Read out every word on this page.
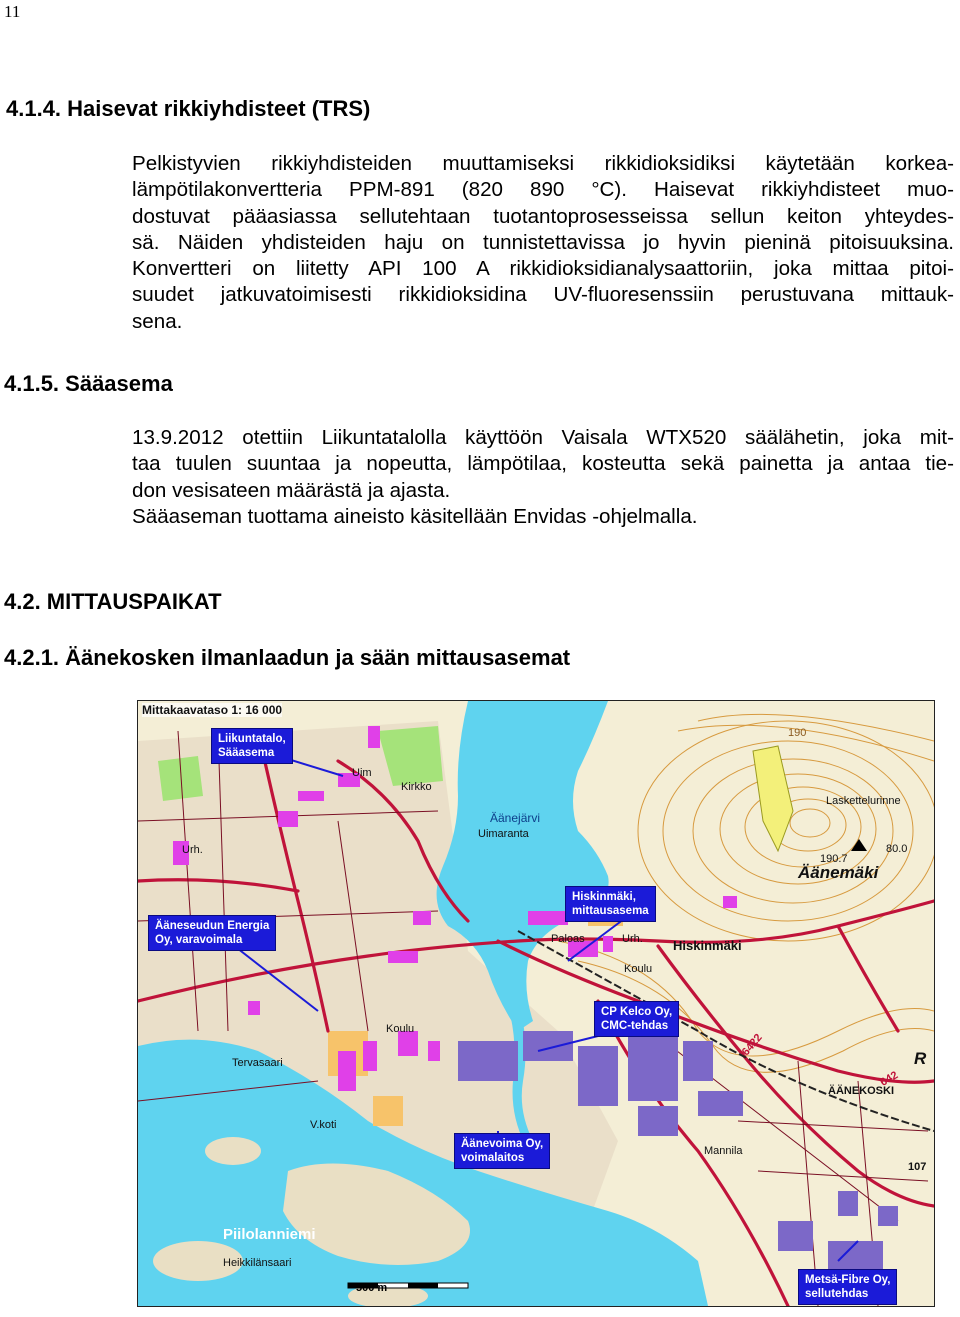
11
4.1.4. Haisevat rikkiyhdisteet (TRS)
Pelkistyvien rikkiyhdisteiden muuttamiseksi rikkidioksidiksi käytetään korkea-
lämpötilakonvertteria PPM-891 (820 890 °C). Haisevat rikkiyhdisteet muo-
dostuvat pääasiassa sellutehtaan tuotantoprosesseissa sellun keiton yhteydes-
sä. Näiden yhdisteiden haju on tunnistettavissa jo hyvin pieninä pitoisuuksina.
Konvertteri on liitetty API 100 A rikkidioksidianalysaattoriin, joka mittaa pitoi-
suudet jatkuvatoimisesti rikkidioksidina UV-fluoresenssiin perustuvana mittauk-
sena.
4.1.5. Sääasema
13.9.2012 otettiin Liikuntatalolla käyttöön Vaisala WTX520 säälähetin, joka mit-
taa tuulen suuntaa ja nopeutta, lämpötilaa, kosteutta sekä painetta ja antaa tie-
don vesisateen määrästä ja ajasta.
Sääaseman tuottama aineisto käsitellään Envidas -ohjelmalla.
4.2. MITTAUSPAIKAT
4.2.1. Äänekosken ilmanlaadun ja sään mittausasemat
Mittakaavataso 1: 16 000
500 m
Kirkko
Äänejärvi
Uimaranta
Laskettelurinne
80.0
190.7
Äänemäki
Hiskinmäki
ÄÄNEKOSKI
Mannila
Piilolanniemi
Heikkilänsaari
Tervasaari
Koulu
Koulu
Urh.
Urh.
Paloas
V.koti
Uim
642
6422
107
190
R
Liikuntatalo,
Sääasema
Hiskinmäki,
mittausasema
Ääneseudun Energia
Oy, varavoimala
CP Kelco Oy,
CMC-tehdas
Äänevoima Oy,
voimalaitos
Metsä-Fibre Oy,
sellutehdas
